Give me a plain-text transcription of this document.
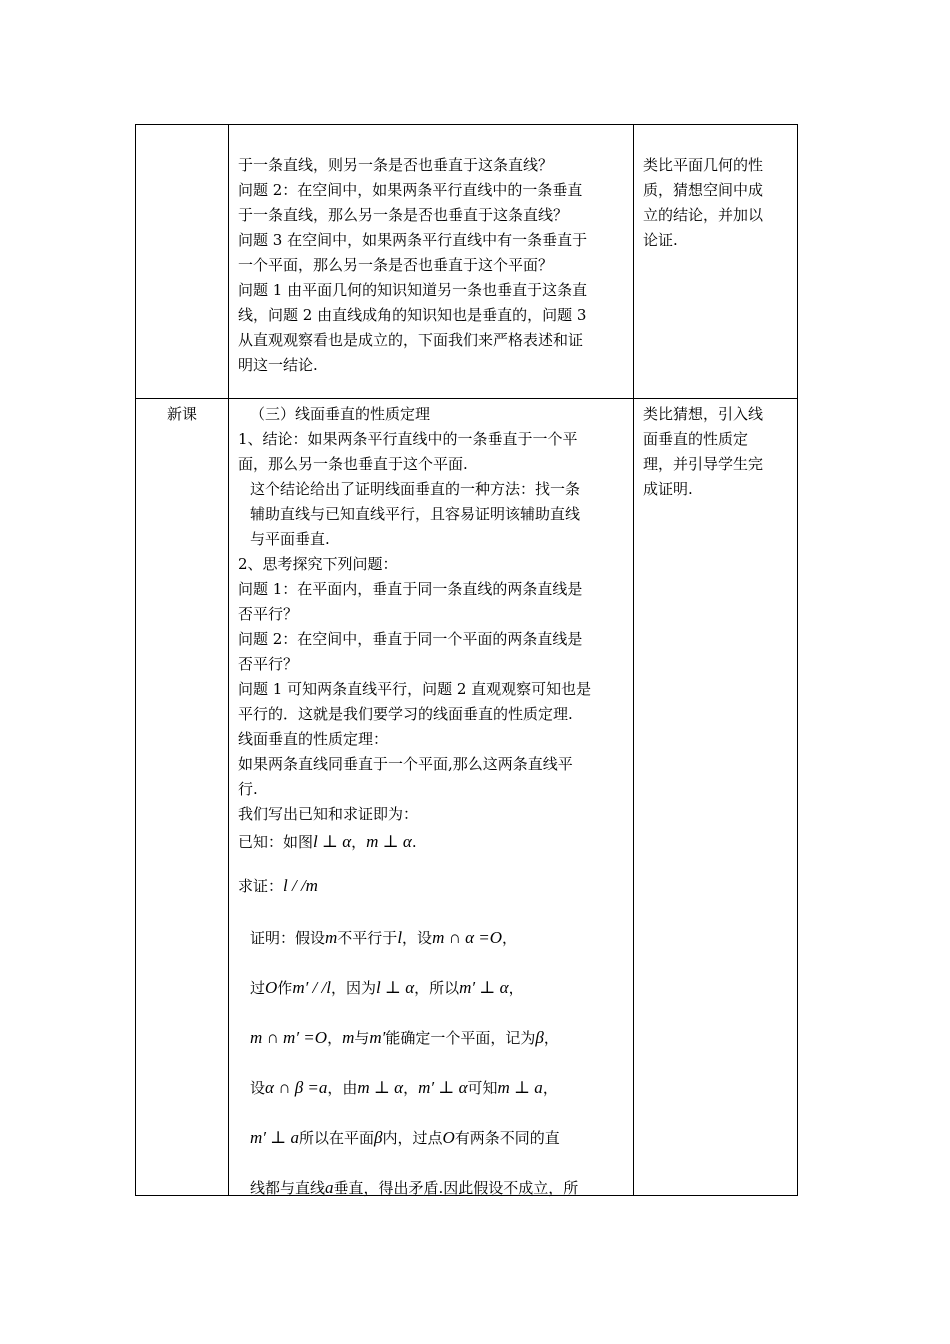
于一条直线，则另一条是否也垂直于这条直线？

问题 2：在空间中，如果两条平行直线中的一条垂直

于一条直线，那么另一条是否也垂直于这条直线？

问题 3 在空间中，如果两条平行直线中有一条垂直于

一个平面，那么另一条是否也垂直于这个平面？

问题 1 由平面几何的知识知道另一条也垂直于这条直

线，问题 2 由直线成角的知识知也是垂直的，问题 3

从直观观察看也是成立的，下面我们来严格表述和证

明这一结论.

类比平面几何的性

质，猜想空间中成

立的结论，并加以

论证.

新课	（三）线面垂直的性质定理

1、结论：如果两条平行直线中的一条垂直于一个平

面，那么另一条也垂直于这个平面.

这个结论给出了证明线面垂直的一种方法：找一条

辅助直线与已知直线平行，且容易证明该辅助直线

与平面垂直.

2、思考探究下列问题：

问题 1：在平面内，垂直于同一条直线的两条直线是

否平行？

问题 2：在空间中，垂直于同一个平面的两条直线是

否平行？

问题 1 可知两条直线平行，问题 2 直观观察可知也是

平行的．这就是我们要学习的线面垂直的性质定理.

线面垂直的性质定理：

如果两条直线同垂直于一个平面,那么这两条直线平

行.

我们写出已知和求证即为：

已知：如图l ⊥ α，m ⊥ α.

求证：l / /m

证明：假设m不平行于l，设m ∩ α =O，

过O作m′ / /l，因为l ⊥ α，所以m′ ⊥ α，

m ∩ m′ =O，m与m′能确定一个平面，记为β，

设α ∩ β =a，由m ⊥ α，m′ ⊥ α可知m ⊥ a，

m′ ⊥ a所以在平面β内，过点O有两条不同的直

线都与直线a垂直，得出矛盾.因此假设不成立，所

类比猜想，引入线

面垂直的性质定

理，并引导学生完

成证明.
